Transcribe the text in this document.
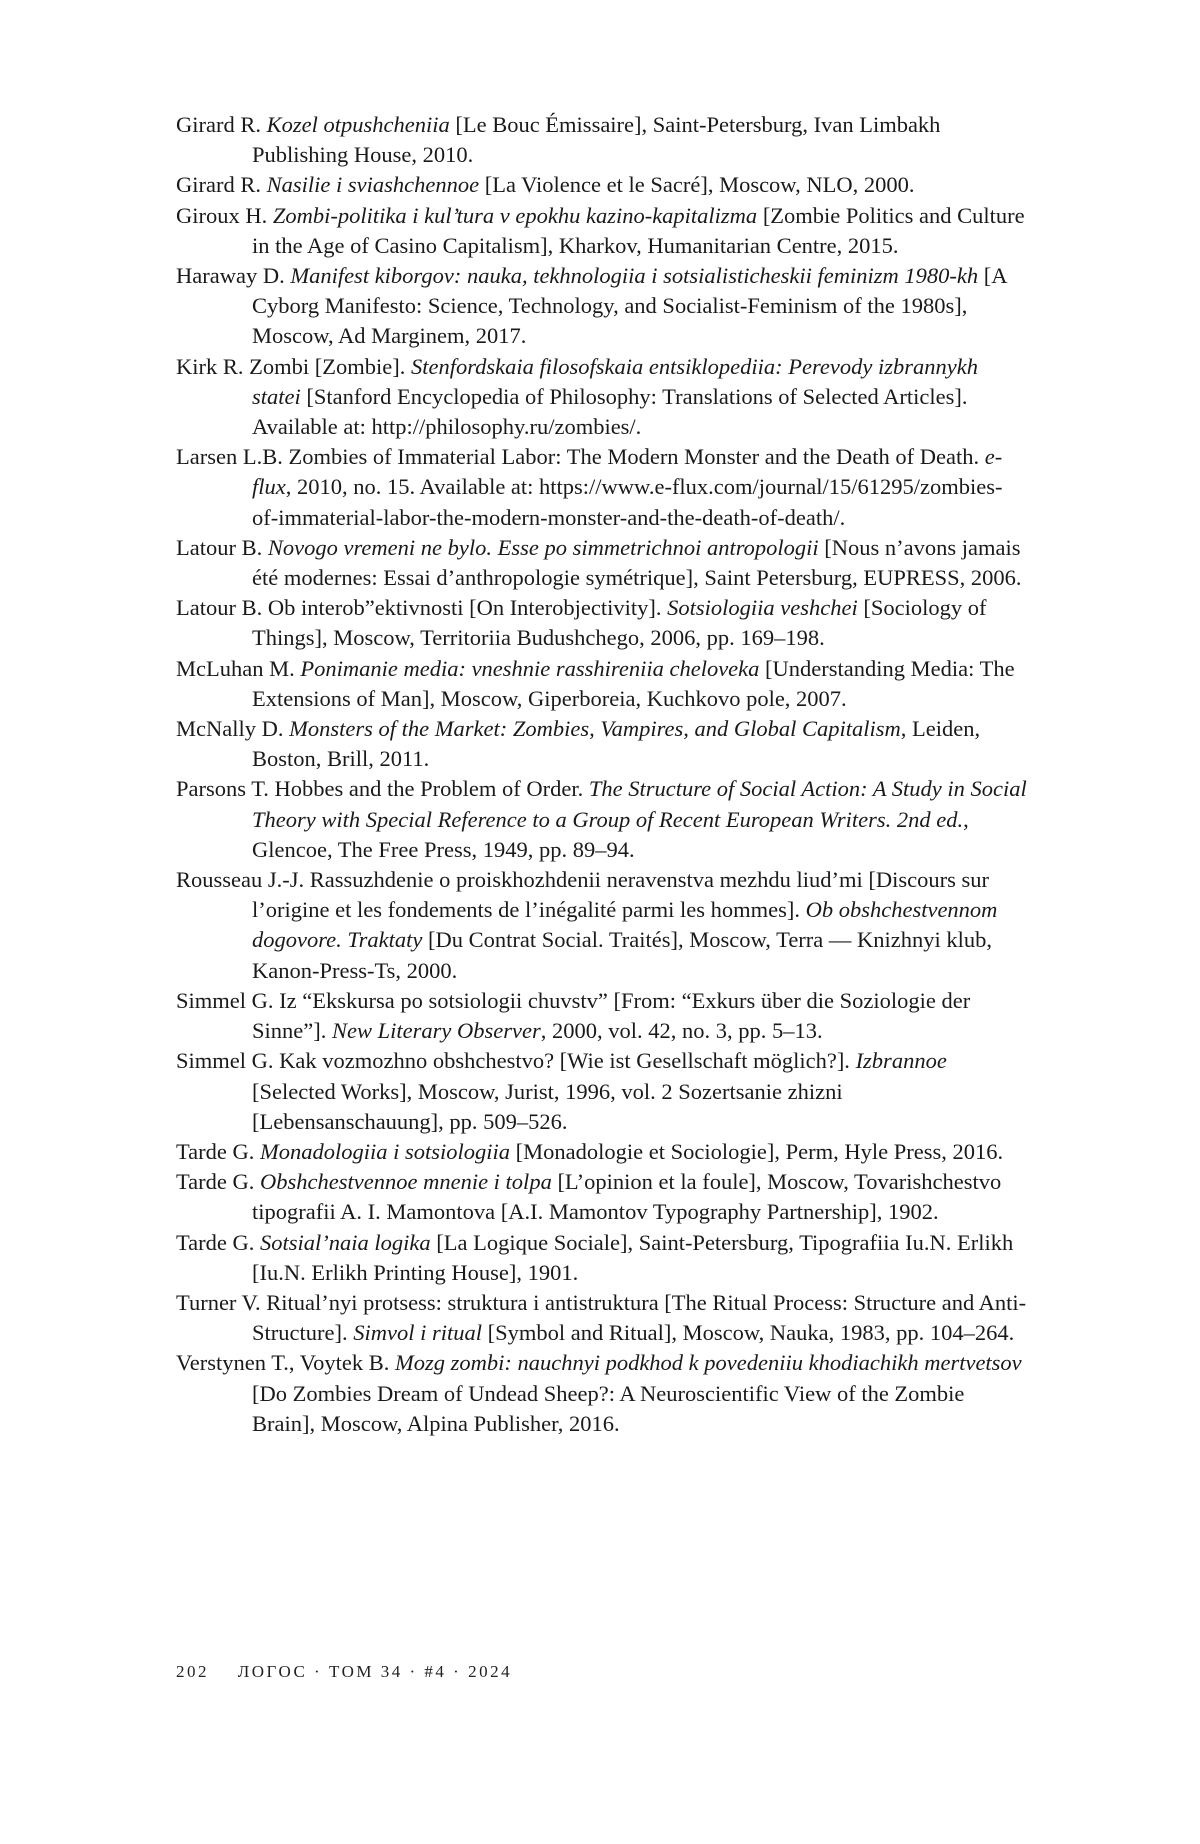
Girard R. Kozel otpushcheniia [Le Bouc Émissaire], Saint-Petersburg, Ivan Limbakh Publishing House, 2010.

Girard R. Nasilie i sviashchennoe [La Violence et le Sacré], Moscow, NLO, 2000.

Giroux H. Zombi-politika i kul’tura v epokhu kazino-kapitalizma [Zombie Politics and Culture in the Age of Casino Capitalism], Kharkov, Humanitarian Centre, 2015.

Haraway D. Manifest kiborgov: nauka, tekhnologiia i sotsialisticheskii feminizm 1980-kh [A Cyborg Manifesto: Science, Technology, and Socialist-Feminism of the 1980s], Moscow, Ad Marginem, 2017.

Kirk R. Zombi [Zombie]. Stenfordskaia filosofskaia entsiklopediia: Perevody izbrannykh statei [Stanford Encyclopedia of Philosophy: Translations of Selected Articles]. Available at: http://philosophy.ru/zombies/.

Larsen L.B. Zombies of Immaterial Labor: The Modern Monster and the Death of Death. e-flux, 2010, no. 15. Available at: https://www.e-flux.com/journal/15/61295/zombies-of-immaterial-labor-the-modern-monster-and-the-death-of-death/.

Latour B. Novogo vremeni ne bylo. Esse po simmetrichnoi antropologii [Nous n’avons jamais été modernes: Essai d’anthropologie symétrique], Saint Petersburg, EUPRESS, 2006.

Latour B. Ob interob”ektivnosti [On Interobjectivity]. Sotsiologiia veshchei [Sociology of Things], Moscow, Territoriia Budushchego, 2006, pp. 169–198.

McLuhan M. Ponimanie media: vneshnie rasshireniia cheloveka [Understanding Media: The Extensions of Man], Moscow, Giperboreia, Kuchkovo pole, 2007.

McNally D. Monsters of the Market: Zombies, Vampires, and Global Capitalism, Leiden, Boston, Brill, 2011.

Parsons T. Hobbes and the Problem of Order. The Structure of Social Action: A Study in Social Theory with Special Reference to a Group of Recent European Writers. 2nd ed., Glencoe, The Free Press, 1949, pp. 89–94.

Rousseau J.-J. Rassuzhdenie o proiskhozhdenii neravenstva mezhdu liud’mi [Discours sur l’origine et les fondements de l’inégalité parmi les hommes]. Ob obshchestvennom dogovore. Traktaty [Du Contrat Social. Traités], Moscow, Terra — Knizhnyi klub, Kanon-Press-Ts, 2000.

Simmel G. Iz “Ekskursa po sotsiologii chuvstv” [From: “Exkurs über die Soziologie der Sinne”]. New Literary Observer, 2000, vol. 42, no. 3, pp. 5–13.

Simmel G. Kak vozmozhno obshchestvo? [Wie ist Gesellschaft möglich?]. Izbrannoe [Selected Works], Moscow, Jurist, 1996, vol. 2 Sozertsanie zhizni [Lebensanschauung], pp. 509–526.

Tarde G. Monadologiia i sotsiologiia [Monadologie et Sociologie], Perm, Hyle Press, 2016.

Tarde G. Obshchestvennoe mnenie i tolpa [L’opinion et la foule], Moscow, Tovarishchestvo tipografii A. I. Mamontova [A.I. Mamontov Typography Partnership], 1902.

Tarde G. Sotsial’naia logika [La Logique Sociale], Saint-Petersburg, Tipografiia Iu.N. Erlikh [Iu.N. Erlikh Printing House], 1901.

Turner V. Ritual’nyi protsess: struktura i antistruktura [The Ritual Process: Structure and Anti-Structure]. Simvol i ritual [Symbol and Ritual], Moscow, Nauka, 1983, pp. 104–264.

Verstynen T., Voytek B. Mozg zombi: nauchnyi podkhod k povedeniiu khodiachikh mertvetsov [Do Zombies Dream of Undead Sheep?: A Neuroscientific View of the Zombie Brain], Moscow, Alpina Publisher, 2016.

202 ЛОГОС · ТОМ 34 · #4 · 2024
